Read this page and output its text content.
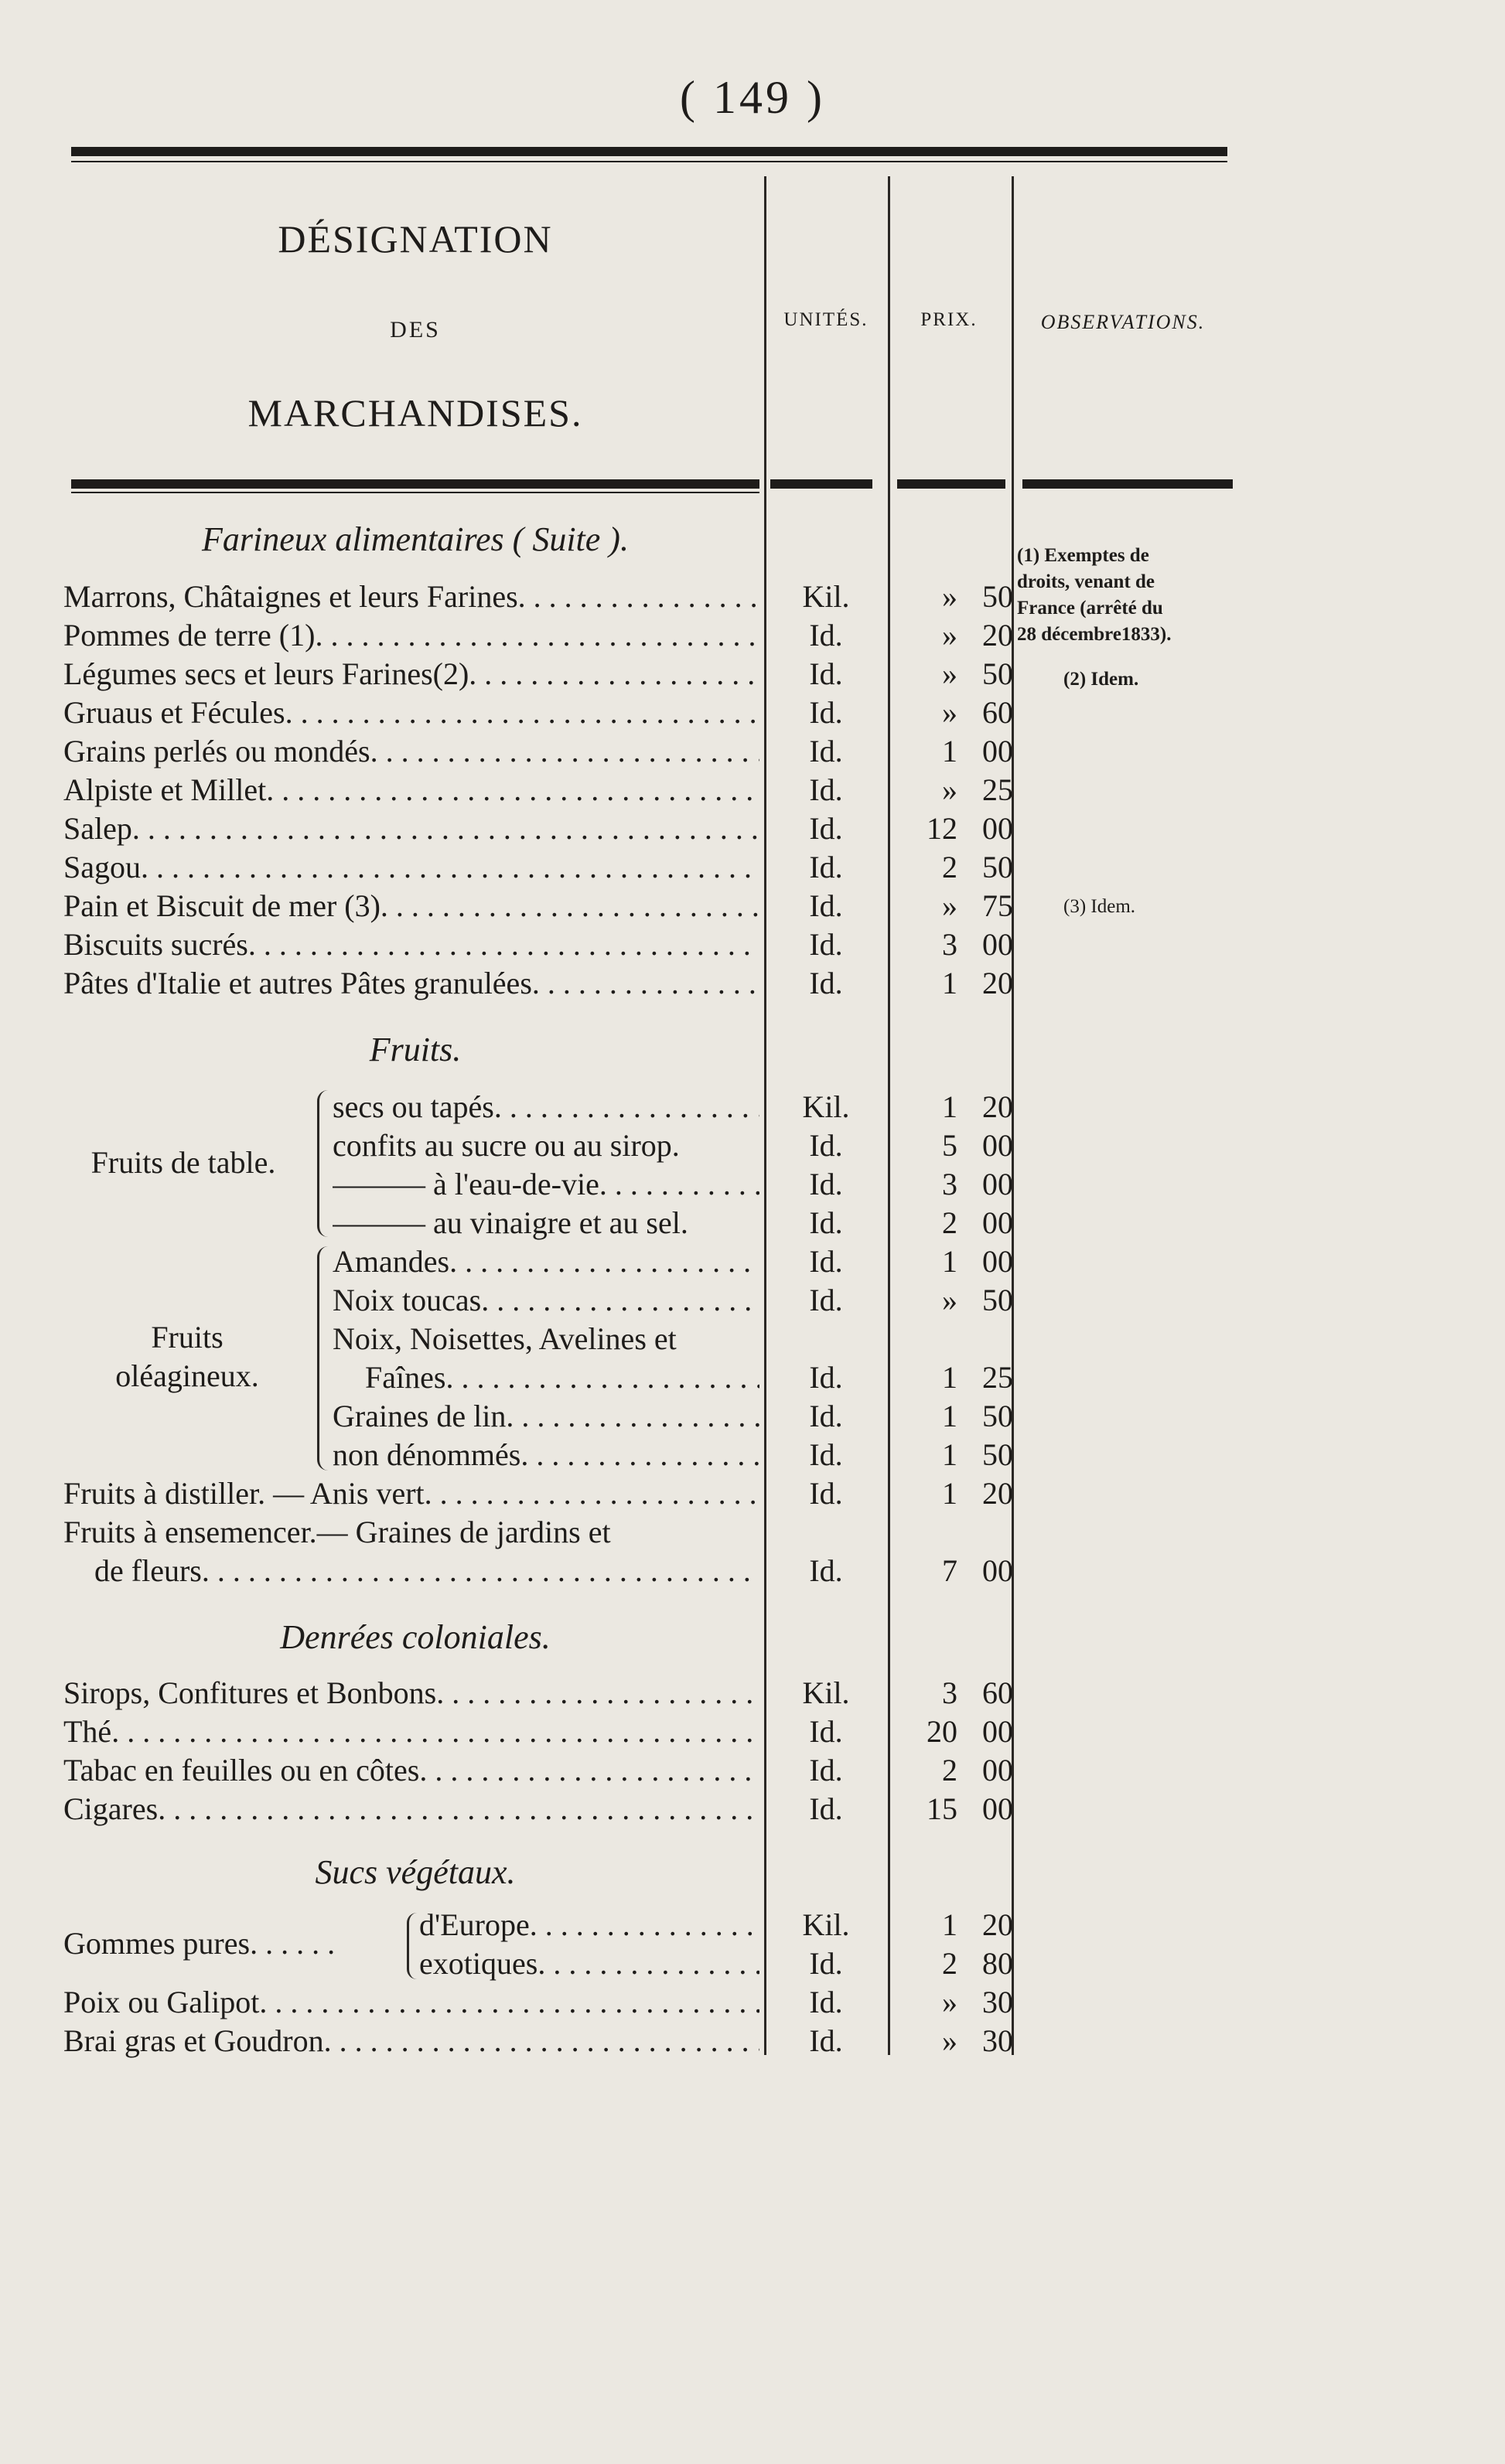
( 149 )
DÉSIGNATION
DES
MARCHANDISES.
UNITÉS.	PRIX.	OBSERVATIONS.
Farineux alimentaires ( Suite ).
Fruits.
Denrées coloniales.
Sucs végétaux.
Marrons, Châtaignes et leurs Farines . . .	Kil.	» 50
Pommes de terre (1) . . .	Id.	» 20
Légumes secs et leurs Farines(2) . . .	Id.	» 50
Gruaus et Fécules . . .	Id.	» 60
Grains perlés ou mondés . . .	Id.	1 00
Alpiste et Millet . . .	Id.	» 25
Salep . . .	Id.	12 00
Sagou . . .	Id.	2 50
Pain et Biscuit de mer (3) . . .	Id.	» 75
Biscuits sucrés . . .	Id.	3 00
Pâtes d'Italie et autres Pâtes granulées . . .	Id.	1 20
Fruits de table.
secs ou tapés . . .	Kil.	1 20
confits au sucre ou au sirop.	Id.	5 00
——— à l'eau-de-vie . . .	Id.	3 00
——— au vinaigre et au sel.	Id.	2 00
Fruits
oléagineux.
Amandes . . .	Id.	1 00
Noix toucas . . .	Id.	» 50
Noix, Noisettes, Avelines et
Faînes . . .	Id.	1 25
Graines de lin . . .	Id.	1 50
non dénommés . . .	Id.	1 50
Fruits à distiller. — Anis vert . . .	Id.	1 20
Fruits à ensemencer.— Graines de jardins et
de fleurs . . .	Id.	7 00
Sirops, Confitures et Bonbons . . .	Kil.	3 60
Thé . . .	Id.	20 00
Tabac en feuilles ou en côtes . . .	Id.	2 00
Cigares . . .	Id.	15 00
Gommes pures. . . . . .
d'Europe . . .	Kil.	1 20
exotiques . . .	Id.	2 80
Poix ou Galipot . . .	Id.	» 30
Brai gras et Goudron . . .	Id.	» 30
(1) Exemptes de
droits, venant de
France (arrêté du
28 décembre1833).
(2) Idem.
(3) Idem.
